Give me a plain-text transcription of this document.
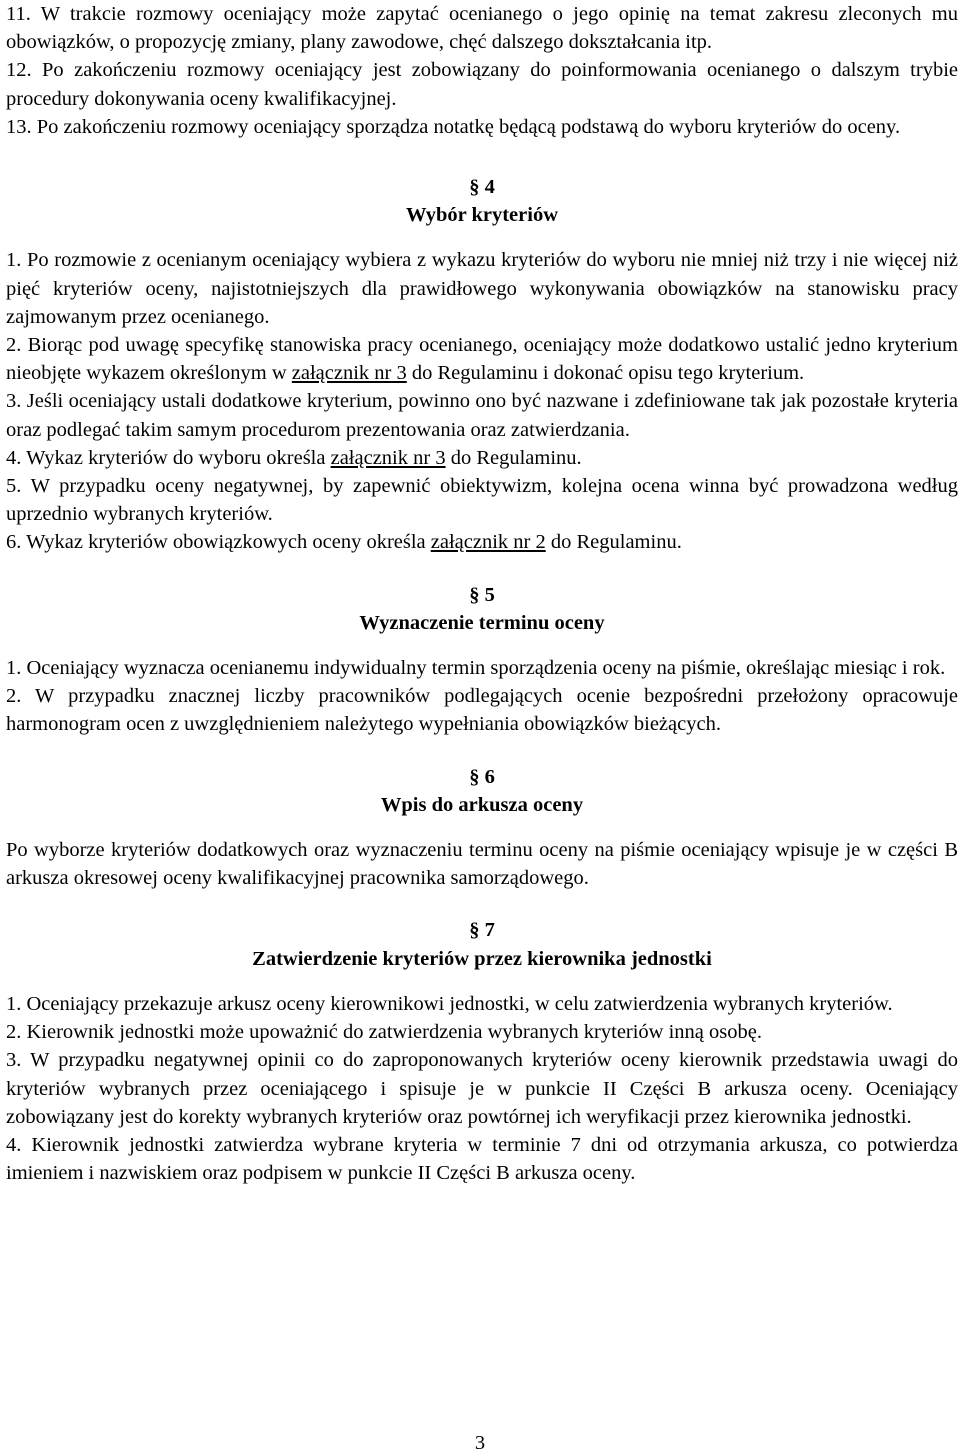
11. W trakcie rozmowy oceniający może zapytać ocenianego o jego opinię na temat zakresu zleconych mu obowiązków, o propozycję zmiany, plany zawodowe, chęć dalszego dokształcania itp.

12. Po zakończeniu rozmowy oceniający jest zobowiązany do poinformowania ocenianego o dalszym trybie procedury dokonywania oceny kwalifikacyjnej.

13. Po zakończeniu rozmowy oceniający sporządza notatkę będącą podstawą do wyboru kryteriów do oceny.

§ 4

Wybór kryteriów

1. Po rozmowie z ocenianym oceniający wybiera z wykazu kryteriów do wyboru nie mniej niż trzy i nie więcej niż pięć kryteriów oceny, najistotniejszych dla prawidłowego wykonywania obowiązków na stanowisku pracy zajmowanym przez ocenianego.

2. Biorąc pod uwagę specyfikę stanowiska pracy ocenianego, oceniający może dodatkowo ustalić jedno kryterium nieobjęte wykazem określonym w załącznik nr 3 do Regulaminu i dokonać opisu tego kryterium.

3. Jeśli oceniający ustali dodatkowe kryterium, powinno ono być nazwane i zdefiniowane tak jak pozostałe kryteria oraz podlegać takim samym procedurom prezentowania oraz zatwierdzania.

4. Wykaz kryteriów do wyboru określa załącznik nr 3 do Regulaminu.

5. W przypadku oceny negatywnej, by zapewnić obiektywizm, kolejna ocena winna być prowadzona według uprzednio wybranych kryteriów.

6. Wykaz kryteriów obowiązkowych oceny określa załącznik nr 2 do Regulaminu.

§ 5

Wyznaczenie terminu oceny

1. Oceniający wyznacza ocenianemu indywidualny termin sporządzenia oceny na piśmie, określając miesiąc i rok.

2. W przypadku znacznej liczby pracowników podlegających ocenie bezpośredni przełożony opracowuje harmonogram ocen z uwzględnieniem należytego wypełniania obowiązków bieżących.

§ 6

Wpis do arkusza oceny

Po wyborze kryteriów dodatkowych oraz wyznaczeniu terminu oceny na piśmie oceniający wpisuje je w części B arkusza okresowej oceny kwalifikacyjnej pracownika samorządowego.

§ 7

Zatwierdzenie kryteriów przez kierownika jednostki

1. Oceniający przekazuje arkusz oceny kierownikowi jednostki, w celu zatwierdzenia wybranych kryteriów.

2. Kierownik jednostki może upoważnić do zatwierdzenia wybranych kryteriów inną osobę.

3. W przypadku negatywnej opinii co do zaproponowanych kryteriów oceny kierownik przedstawia uwagi do kryteriów wybranych przez oceniającego i spisuje je w punkcie II Części B arkusza oceny. Oceniający zobowiązany jest do korekty wybranych kryteriów oraz powtórnej ich weryfikacji przez kierownika jednostki.

4. Kierownik jednostki zatwierdza wybrane kryteria w terminie 7 dni od otrzymania arkusza, co potwierdza imieniem i nazwiskiem oraz podpisem w punkcie II Części B arkusza oceny.

3
